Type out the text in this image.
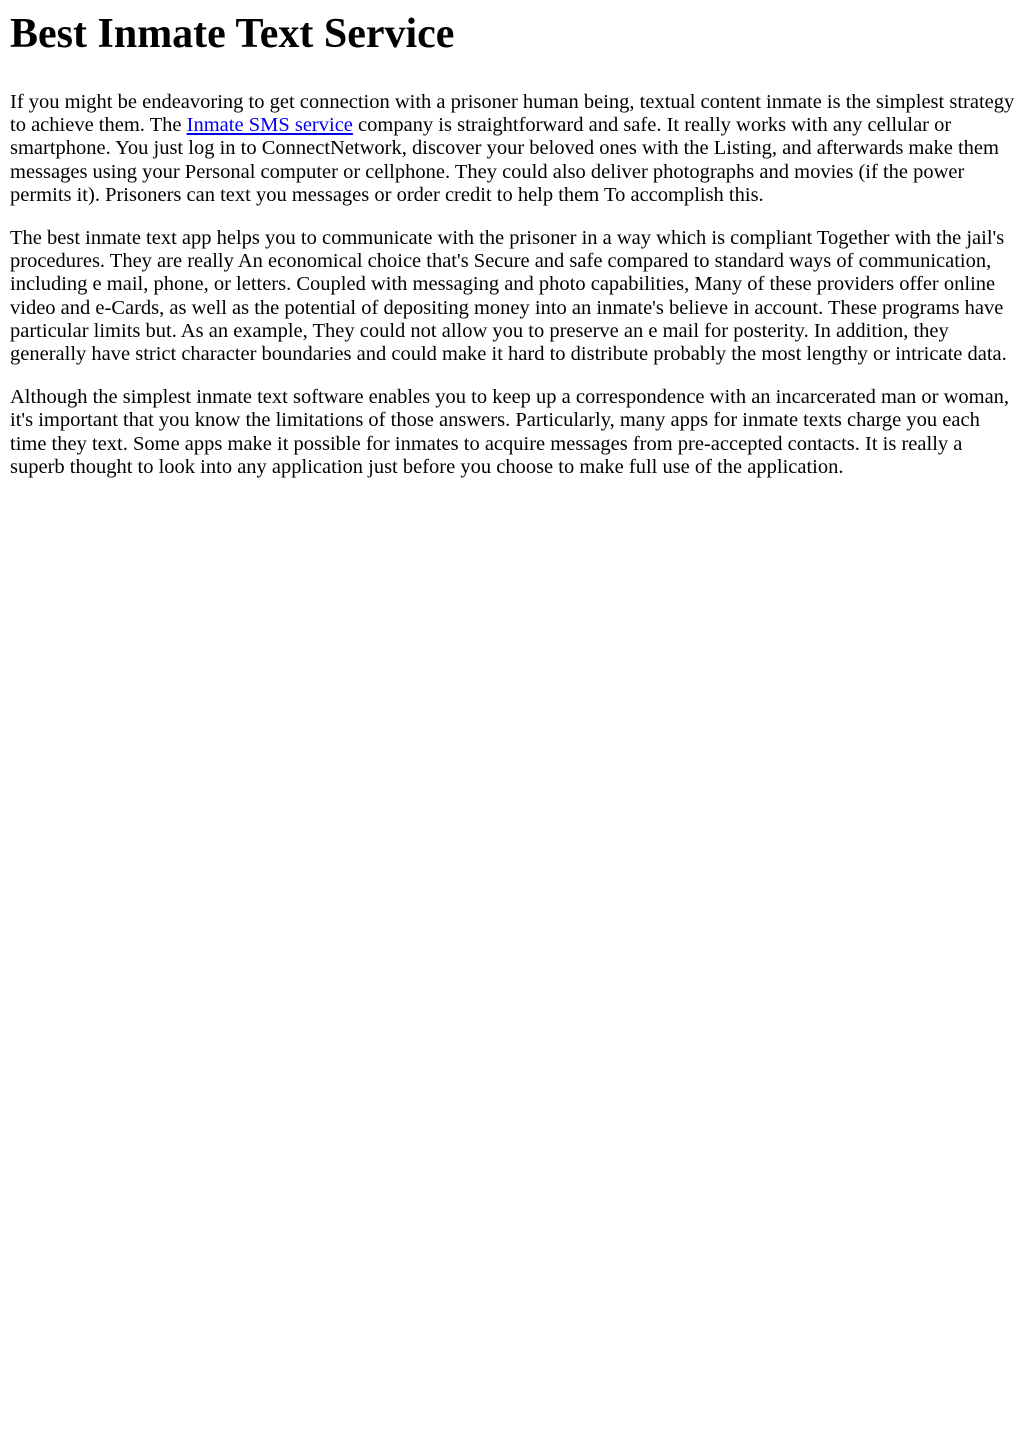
Best Inmate Text Service

If you might be endeavoring to get connection with a prisoner human being, textual content inmate is the simplest strategy to achieve them. The Inmate SMS service company is straightforward and safe. It really works with any cellular or smartphone. You just log in to ConnectNetwork, discover your beloved ones with the Listing, and afterwards make them messages using your Personal computer or cellphone. They could also deliver photographs and movies (if the power permits it). Prisoners can text you messages or order credit to help them To accomplish this.

The best inmate text app helps you to communicate with the prisoner in a way which is compliant Together with the jail's procedures. They are really An economical choice that's Secure and safe compared to standard ways of communication, including e mail, phone, or letters. Coupled with messaging and photo capabilities, Many of these providers offer online video and e-Cards, as well as the potential of depositing money into an inmate's believe in account. These programs have particular limits but. As an example, They could not allow you to preserve an e mail for posterity. In addition, they generally have strict character boundaries and could make it hard to distribute probably the most lengthy or intricate data.

Although the simplest inmate text software enables you to keep up a correspondence with an incarcerated man or woman, it's important that you know the limitations of those answers. Particularly, many apps for inmate texts charge you each time they text. Some apps make it possible for inmates to acquire messages from pre-accepted contacts. It is really a superb thought to look into any application just before you choose to make full use of the application.
